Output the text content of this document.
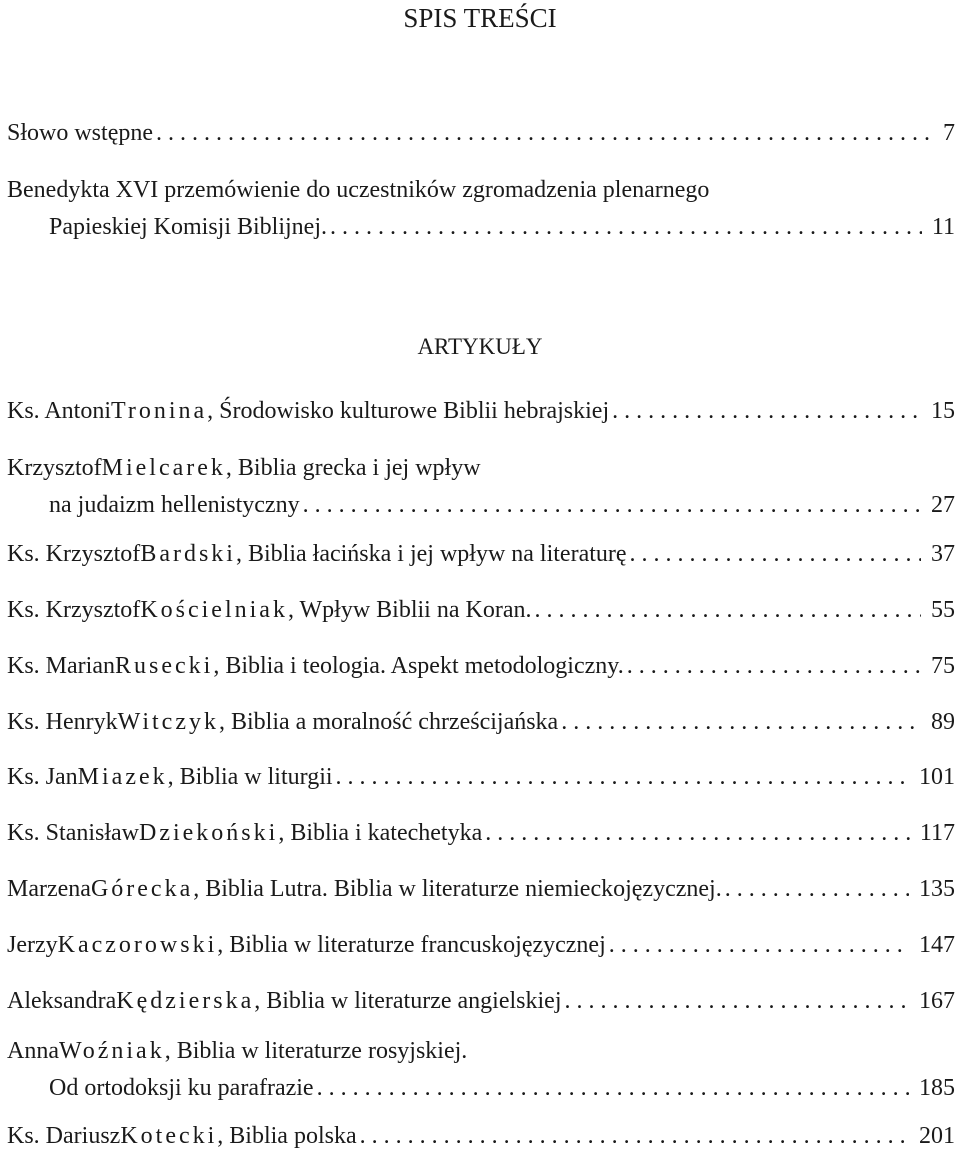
SPIS TREŚCI
Słowo wstępne . . .	7
Benedykta XVI przemówienie do uczestników zgromadzenia plenarnego
Papieskiej Komisji Biblijnej. . . .	11
ARTYKUŁY
Ks. Antoni Tronina , Środowisko kulturowe Biblii hebrajskiej . . .	15
Krzysztof Mielcarek , Biblia grecka i jej wpływ
na judaizm hellenistyczny . . .	27
Ks. Krzysztof Bardski , Biblia łacińska i jej wpływ na literaturę . . .	37
Ks. Krzysztof Kościelniak , Wpływ Biblii na Koran. . . .	55
Ks. Marian Rusecki , Biblia i teologia. Aspekt metodologiczny. . . .	75
Ks. Henryk Witczyk , Biblia a moralność chrześcijańska . . .	89
Ks. Jan Miazek , Biblia w liturgii . . .	101
Ks. Stanisław Dziekoński , Biblia i katechetyka . . .	117
Marzena Górecka , Biblia Lutra. Biblia w literaturze niemieckojęzycznej. . . .	135
Jerzy Kaczorowski , Biblia w literaturze francuskojęzycznej . . .	147
Aleksandra Kędzierska , Biblia w literaturze angielskiej . . .	167
Anna Woźniak , Biblia w literaturze rosyjskiej.
Od ortodoksji ku parafrazie . . .	185
Ks. Dariusz Kotecki , Biblia polska . . .	201
